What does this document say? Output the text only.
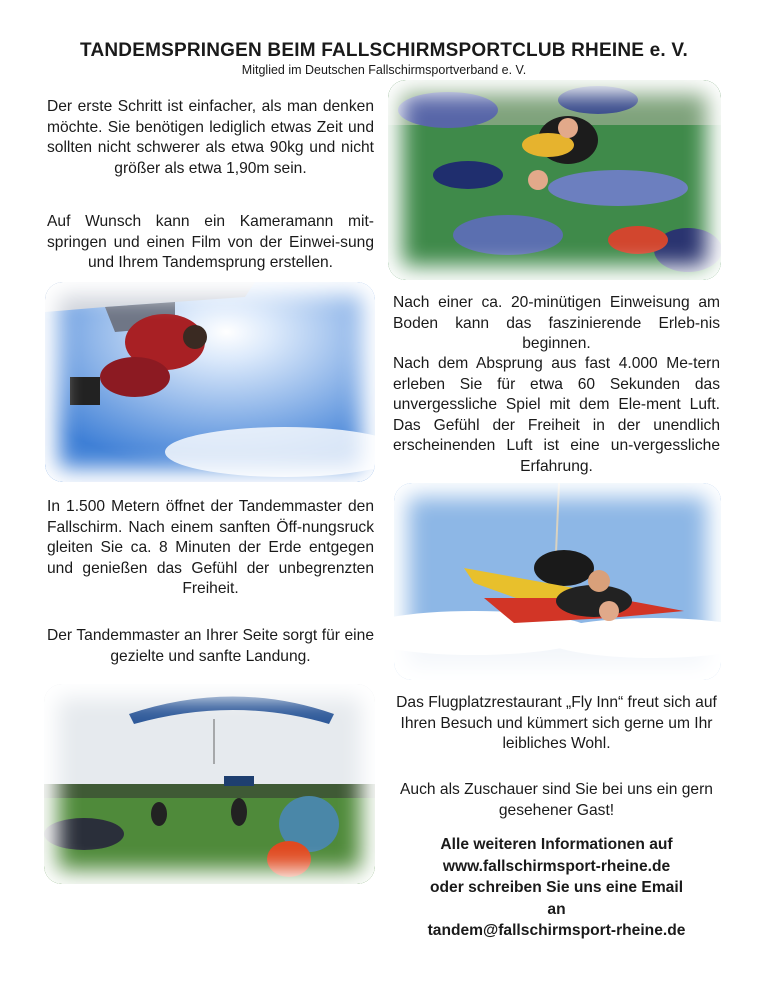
TANDEMSPRINGEN BEIM FALLSCHIRMSPORTCLUB RHEINE e. V.
Mitglied im Deutschen Fallschirmsportverband e. V.
Der erste Schritt ist einfacher, als man denken möchte. Sie benötigen lediglich etwas Zeit und sollten nicht schwerer als etwa 90kg und nicht größer als etwa 1,90m sein.
Auf Wunsch kann ein Kameramann mit-springen und einen Film von der Einwei-sung und Ihrem Tandemsprung erstellen.
Nach einer ca. 20-minütigen Einweisung am Boden kann das faszinierende Erleb-nis beginnen.
Nach dem Absprung aus fast 4.000 Me-tern erleben Sie für etwa 60 Sekunden das unvergessliche Spiel mit dem Ele-ment Luft. Das Gefühl der Freiheit in der unendlich erscheinenden Luft ist eine un-vergessliche Erfahrung.
In 1.500 Metern öffnet der Tandemmaster den Fallschirm. Nach einem sanften Öff-nungsruck gleiten Sie ca. 8 Minuten der Erde entgegen und genießen das Gefühl der unbegrenzten Freiheit.
Der Tandemmaster an Ihrer Seite sorgt für eine gezielte und sanfte Landung.
Das Flugplatzrestaurant „Fly Inn“ freut sich auf Ihren Besuch und kümmert sich gerne um Ihr leibliches Wohl.
Auch als Zuschauer sind Sie bei uns ein gern gesehener Gast!
Alle weiteren Informationen auf
www.fallschirmsport-rheine.de
oder schreiben Sie uns eine Email
an
tandem@fallschirmsport-rheine.de
